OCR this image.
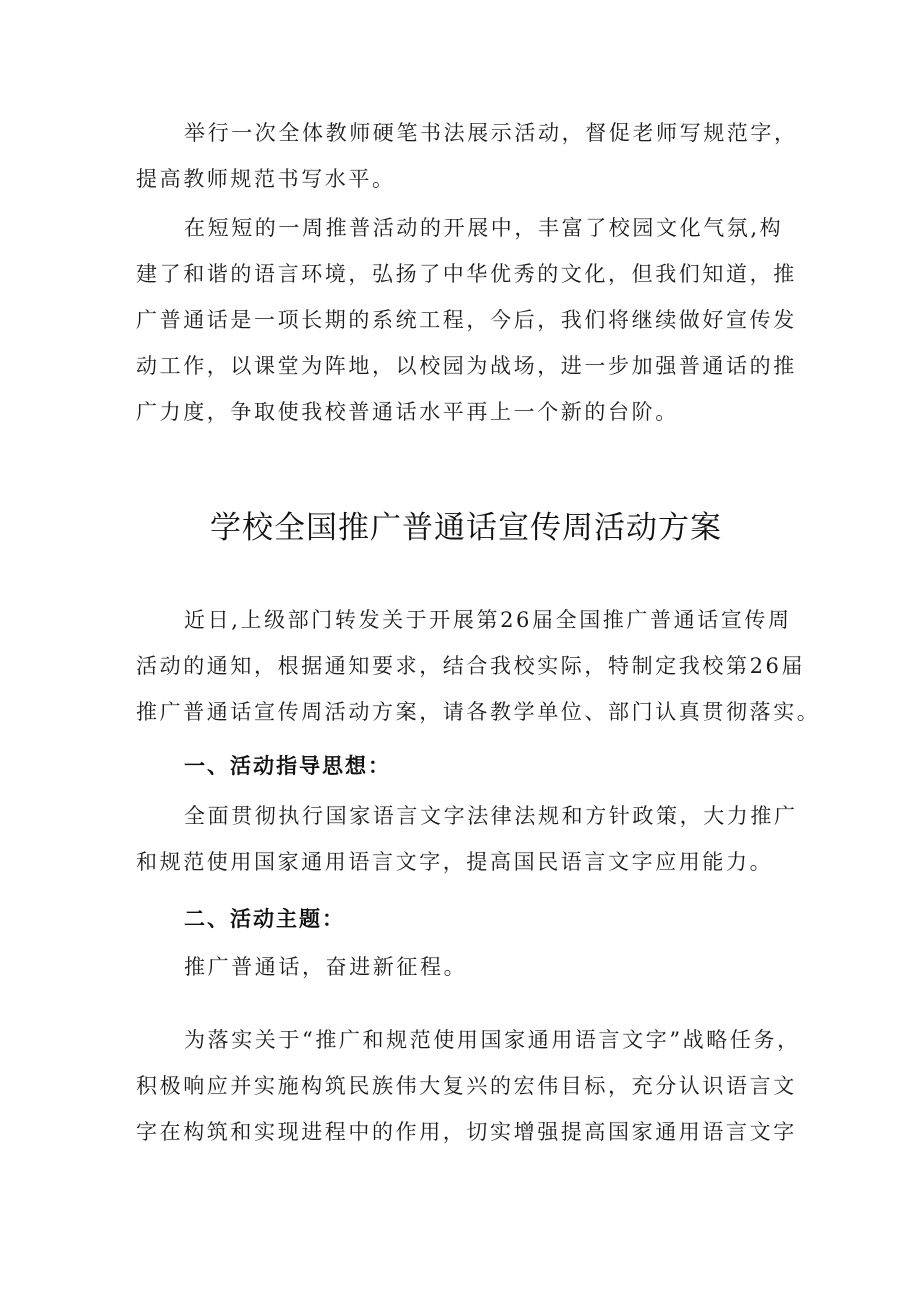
举行一次全体教师硬笔书法展示活动，督促老师写规范字，
提高教师规范书写水平。
在短短的一周推普活动的开展中，丰富了校园文化气氛,构
建了和谐的语言环境，弘扬了中华优秀的文化，但我们知道，推
广普通话是一项长期的系统工程，今后，我们将继续做好宣传发
动工作，以课堂为阵地，以校园为战场，进一步加强普通话的推
广力度，争取使我校普通话水平再上一个新的台阶。
学校全国推广普通话宣传周活动方案
近日,上级部门转发关于开展第26届全国推广普通话宣传周
活动的通知，根据通知要求，结合我校实际，特制定我校第26届
推广普通话宣传周活动方案，请各教学单位、部门认真贯彻落实。
一、活动指导思想：
全面贯彻执行国家语言文字法律法规和方针政策，大力推广
和规范使用国家通用语言文字，提高国民语言文字应用能力。
二、活动主题：
推广普通话，奋进新征程。
为落实关于“推广和规范使用国家通用语言文字”战略任务，
积极响应并实施构筑民族伟大复兴的宏伟目标，充分认识语言文
字在构筑和实现进程中的作用，切实增强提高国家通用语言文字
